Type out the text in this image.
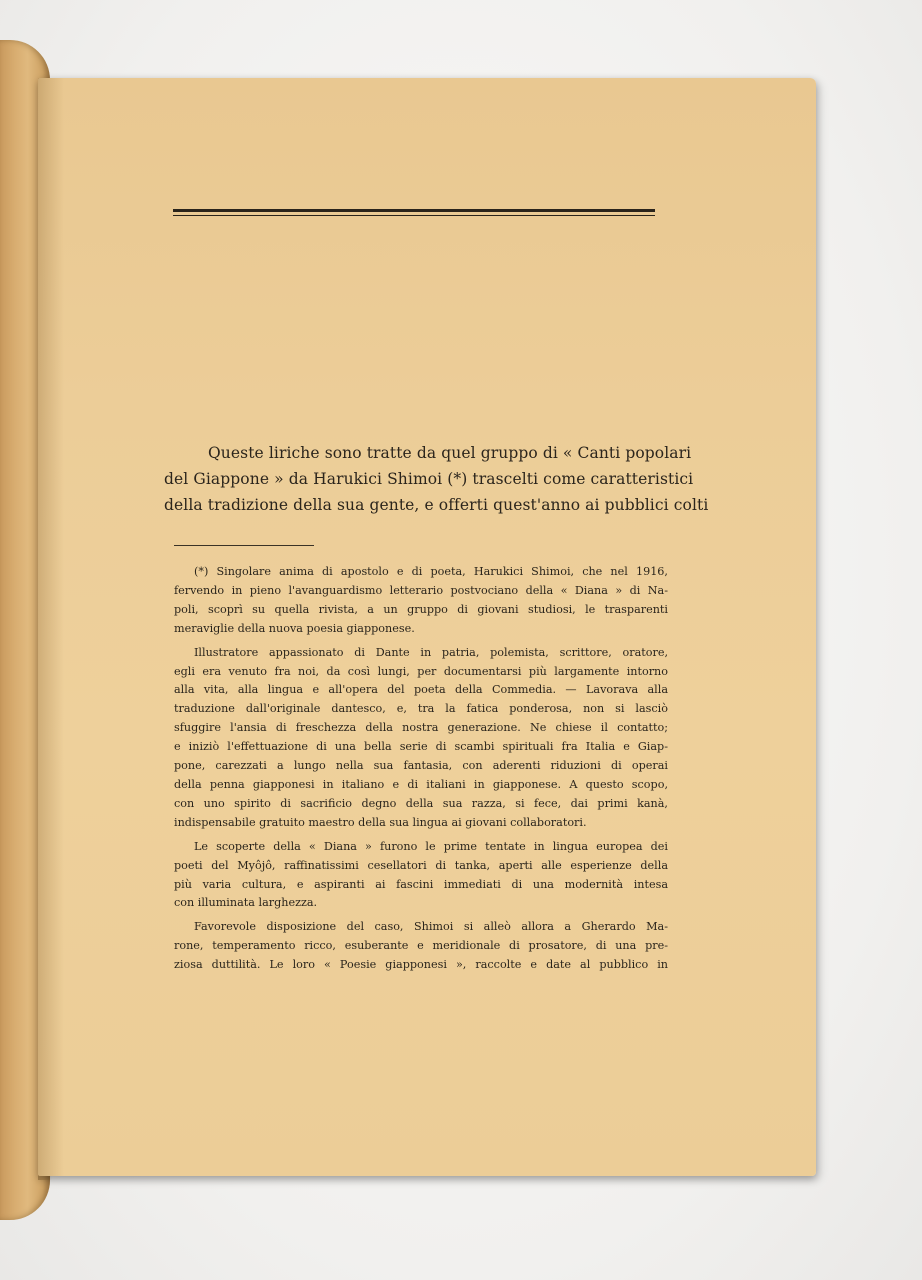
Queste liriche sono tratte da quel gruppo di « Canti popolari
del Giappone » da Harukici Shimoi (*) trascelti come caratteristici
della tradizione della sua gente, e offerti quest'anno ai pubblici colti
(*) Singolare anima di apostolo e di poeta, Harukici Shimoi, che nel 1916,
fervendo in pieno l'avanguardismo letterario postvociano della « Diana » di Na-
poli, scoprì su quella rivista, a un gruppo di giovani studiosi, le trasparenti
meraviglie della nuova poesia giapponese.
Illustratore appassionato di Dante in patria, polemista, scrittore, oratore,
egli era venuto fra noi, da così lungi, per documentarsi più largamente intorno
alla vita, alla lingua e all'opera del poeta della Commedia. — Lavorava alla
traduzione dall'originale dantesco, e, tra la fatica ponderosa, non si lasciò
sfuggire l'ansia di freschezza della nostra generazione. Ne chiese il contatto;
e iniziò l'effettuazione di una bella serie di scambi spirituali fra Italia e Giap-
pone, carezzati a lungo nella sua fantasia, con aderenti riduzioni di operai
della penna giapponesi in italiano e di italiani in giapponese. A questo scopo,
con uno spirito di sacrificio degno della sua razza, si fece, dai primi kanà,
indispensabile gratuito maestro della sua lingua ai giovani collaboratori.
Le scoperte della « Diana » furono le prime tentate in lingua europea dei
poeti del Myôjô, raffinatissimi cesellatori di tanka, aperti alle esperienze della
più varia cultura, e aspiranti ai fascini immediati di una modernità intesa
con illuminata larghezza.
Favorevole disposizione del caso, Shimoi si alleò allora a Gherardo Ma-
rone, temperamento ricco, esuberante e meridionale di prosatore, di una pre-
ziosa duttilità. Le loro « Poesie giapponesi », raccolte e date al pubblico in
